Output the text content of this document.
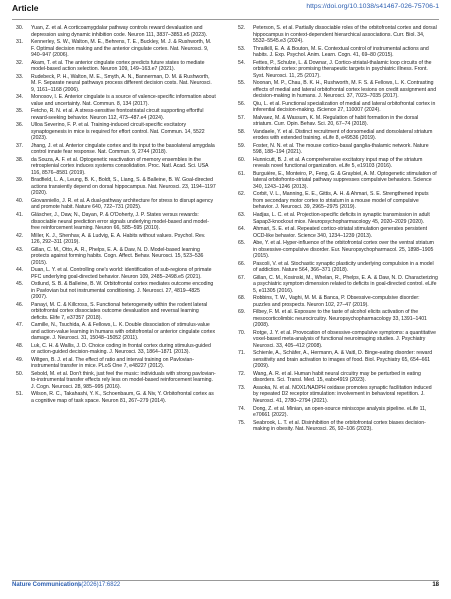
Article	https://doi.org/10.1038/s41467-026-75706-1
30. Yuan, Z. et al. A corticoamygdalar pathway controls reward devaluation and depression using dynamic inhibition code. Neuron 111, 3837–3853.e5 (2023).
31. Kennerley, S. W., Walton, M. E., Behrens, T. E., Buckley, M. J. & Rushworth, M. F. Optimal decision making and the anterior cingulate cortex. Nat. Neurosci. 9, 940–947 (2006).
32. Akam, T. et al. The anterior cingulate cortex predicts future states to mediate model-based action selection. Neuron 109, 149–163.e7 (2021).
33. Rudebeck, P. H., Walton, M. E., Smyth, A. N., Bannerman, D. M. & Rushworth, M. F. Separate neural pathways process different decision costs. Nat. Neurosci. 9, 1161–1168 (2006).
34. Monosov, I. E. Anterior cingulate is a source of valence-specific information about value and uncertainty. Nat. Commun. 8, 134 (2017).
35. Fetcho, R. N. et al. A stress-sensitive frontostriatal circuit supporting effortful reward-seeking behavior. Neuron 112, 473–487.e4 (2024).
36. Ulloa Severino, F. P. et al. Training-induced circuit-specific excitatory synaptogenesis in mice is required for effort control. Nat. Commun. 14, 5522 (2023).
37. Jhang, J. et al. Anterior cingulate cortex and its input to the basolateral amygdala control innate fear response. Nat. Commun. 9, 2744 (2018).
38. da Souza, A. F. et al. Optogenetic reactivation of memory ensembles in the retrosplenial cortex induces systems consolidation. Proc. Natl. Acad. Sci. USA 116, 8576–8581 (2019).
39. Bradfield, L. A., Leung, B. K., Boldt, S., Liang, S. & Balleine, B. W. Goal-directed actions transiently depend on dorsal hippocampus. Nat. Neurosci. 23, 1194–1197 (2020).
40. Giovanniello, J. R. et al. A dual-pathway architecture for stress to disrupt agency and promote habit. Nature 640, 722–731 (2025).
41. Gläscher, J., Daw, N., Dayan, P. & O'Doherty, J. P. States versus rewards: dissociable neural prediction error signals underlying model-based and model-free reinforcement learning. Neuron 66, 585–595 (2010).
42. Miller, K. J., Shenhav, A. & Ludvig, E. A. Habits without values. Psychol. Rev. 126, 292–311 (2019).
43. Gillan, C. M., Otto, A. R., Phelps, E. A. & Daw, N. D. Model-based learning protects against forming habits. Cogn. Affect. Behav. Neurosci. 15, 523–536 (2015).
44. Duan, L. Y. et al. Controlling one's world: identification of sub-regions of primate PFC underlying goal-directed behavior. Neuron 109, 2485–2498.e5 (2021).
45. Ostlund, S. B. & Balleine, B. W. Orbitofrontal cortex mediates outcome encoding in Pavlovian but not instrumental conditioning. J. Neurosci. 27, 4819–4825 (2007).
46. Panayi, M. C. & Killcross, S. Functional heterogeneity within the rodent lateral orbitofrontal cortex dissociates outcome devaluation and reversal learning deficits. Elife 7, e37357 (2018).
47. Camille, N., Tsuchida, A. & Fellows, L. K. Double dissociation of stimulus-value and action-value learning in humans with orbitofrontal or anterior cingulate cortex damage. J. Neurosci. 31, 15048–15052 (2011).
48. Luk, C. H. & Wallis, J. D. Choice coding in frontal cortex during stimulus-guided or action-guided decision-making. J. Neurosci. 33, 1864–1871 (2013).
49. Wiltgen, B. J. et al. The effect of ratio and interval training on Pavlovian-instrumental transfer in mice. PLoS One 7, e48227 (2012).
50. Sebold, M. et al. Don't think, just feel the music: individuals with strong pavlovian-to-instrumental transfer effects rely less on model-based reinforcement learning. J. Cogn. Neurosci. 28, 985–995 (2016).
51. Wilson, R. C., Takahashi, Y. K., Schoenbaum, G. & Niv, Y. Orbitofrontal cortex as a cognitive map of task space. Neuron 81, 267–279 (2014).
52. Peterson, S. et al. Partially dissociable roles of the orbitofrontal cortex and dorsal hippocampus in context-dependent hierarchical associations. Curr. Biol. 34, 5532–5545.e3 (2024).
53. Thrailkill, E. A. & Bouton, M. E. Contextual control of instrumental actions and habits. J. Exp. Psychol. Anim. Learn. Cogn. 41, 69–80 (2015).
54. Fettes, P., Schulze, L. & Downar, J. Cortico-striatal-thalamic loop circuits of the orbitofrontal cortex: promising therapeutic targets in psychiatric illness. Front. Syst. Neurosci. 11, 25 (2017).
55. Noonan, M. P., Chau, B. K. H., Rushworth, M. F. S. & Fellows, L. K. Contrasting effects of medial and lateral orbitofrontal cortex lesions on credit assignment and decision-making in humans. J. Neurosci. 37, 7023–7035 (2017).
56. Qiu, L. et al. Functional specialization of medial and lateral orbitofrontal cortex in inferential decision-making. iScience 27, 110007 (2024).
57. Malvaez, M. & Wassum, K. M. Regulation of habit formation in the dorsal striatum. Curr. Opin. Behav. Sci. 20, 67–74 (2018).
58. Vandaele, Y. et al. Distinct recruitment of dorsomedial and dorsolateral striatum erodes with extended training. eLife 8, e49536 (2019).
59. Foster, N. N. et al. The mouse cortico-basal ganglia-thalamic network. Nature 598, 188–194 (2021).
60. Hunnicutt, B. J. et al. A comprehensive excitatory input map of the striatum reveals novel functional organization. eLife 5, e19103 (2016).
61. Burguière, E., Monteiro, P., Feng, G. & Graybiel, A. M. Optogenetic stimulation of lateral orbitofronto-striatal pathway suppresses compulsive behaviors. Science 340, 1243–1246 (2013).
62. Corbit, V. L., Manning, E. E., Gittis, A. H. & Ahmari, S. E. Strengthened inputs from secondary motor cortex to striatum in a mouse model of compulsive behavior. J. Neurosci. 39, 2965–2975 (2019).
63. Hadjas, L. C. et al. Projection-specific deficits in synaptic transmission in adult Sapap3-knockout mice. Neuropsychopharmacology 45, 2020–2029 (2020).
64. Ahmari, S. E. et al. Repeated cortico-striatal stimulation generates persistent OCD-like behavior. Science 340, 1234–1239 (2013).
65. Abe, Y. et al. Hyper-influence of the orbitofrontal cortex over the ventral striatum in obsessive-compulsive disorder. Eur. Neuropsychopharmacol. 25, 1898–1905 (2015).
66. Pascoli, V. et al. Stochastic synaptic plasticity underlying compulsion in a model of addiction. Nature 564, 366–371 (2018).
67. Gillan, C. M., Kosinski, M., Whelan, R., Phelps, E. A. & Daw, N. D. Characterizing a psychiatric symptom dimension related to deficits in goal-directed control. eLife 5, e11305 (2016).
68. Robbins, T. W., Vaghi, M. M. & Banca, P. Obsessive-compulsive disorder: puzzles and prospects. Neuron 102, 27–47 (2019).
69. Filbey, F. M. et al. Exposure to the taste of alcohol elicits activation of the mesocorticolimbic neurocircuitry. Neuropsychopharmacology 33, 1391–1401 (2008).
70. Rotge, J. Y. et al. Provocation of obsessive-compulsive symptoms: a quantitative voxel-based meta-analysis of functional neuroimaging studies. J. Psychiatry Neurosci. 33, 405–412 (2008).
71. Schienle, A., Schäfer, A., Hermann, A. & Vaitl, D. Binge-eating disorder: reward sensitivity and brain activation to images of food. Biol. Psychiatry 65, 654–661 (2009).
72. Wang, A. R. et al. Human habit neural circuitry may be perturbed in eating disorders. Sci. Transl. Med. 15, eabo4919 (2023).
73. Asaoka, N. et al. NOX1/NADPH oxidase promotes synaptic facilitation induced by repeated D2 receptor stimulation: involvement in behavioral repetition. J. Neurosci. 41, 2780–2794 (2021).
74. Dong, Z. et al. Minian, an open-source miniscope analysis pipeline. eLife 11, e70661 (2022).
75. Seabrook, L. T. et al. Disinhibition of the orbitofrontal cortex biases decision-making in obesity. Nat. Neurosci. 26, 92–106 (2023).
Nature Communications
| (2026)17:6822	18
